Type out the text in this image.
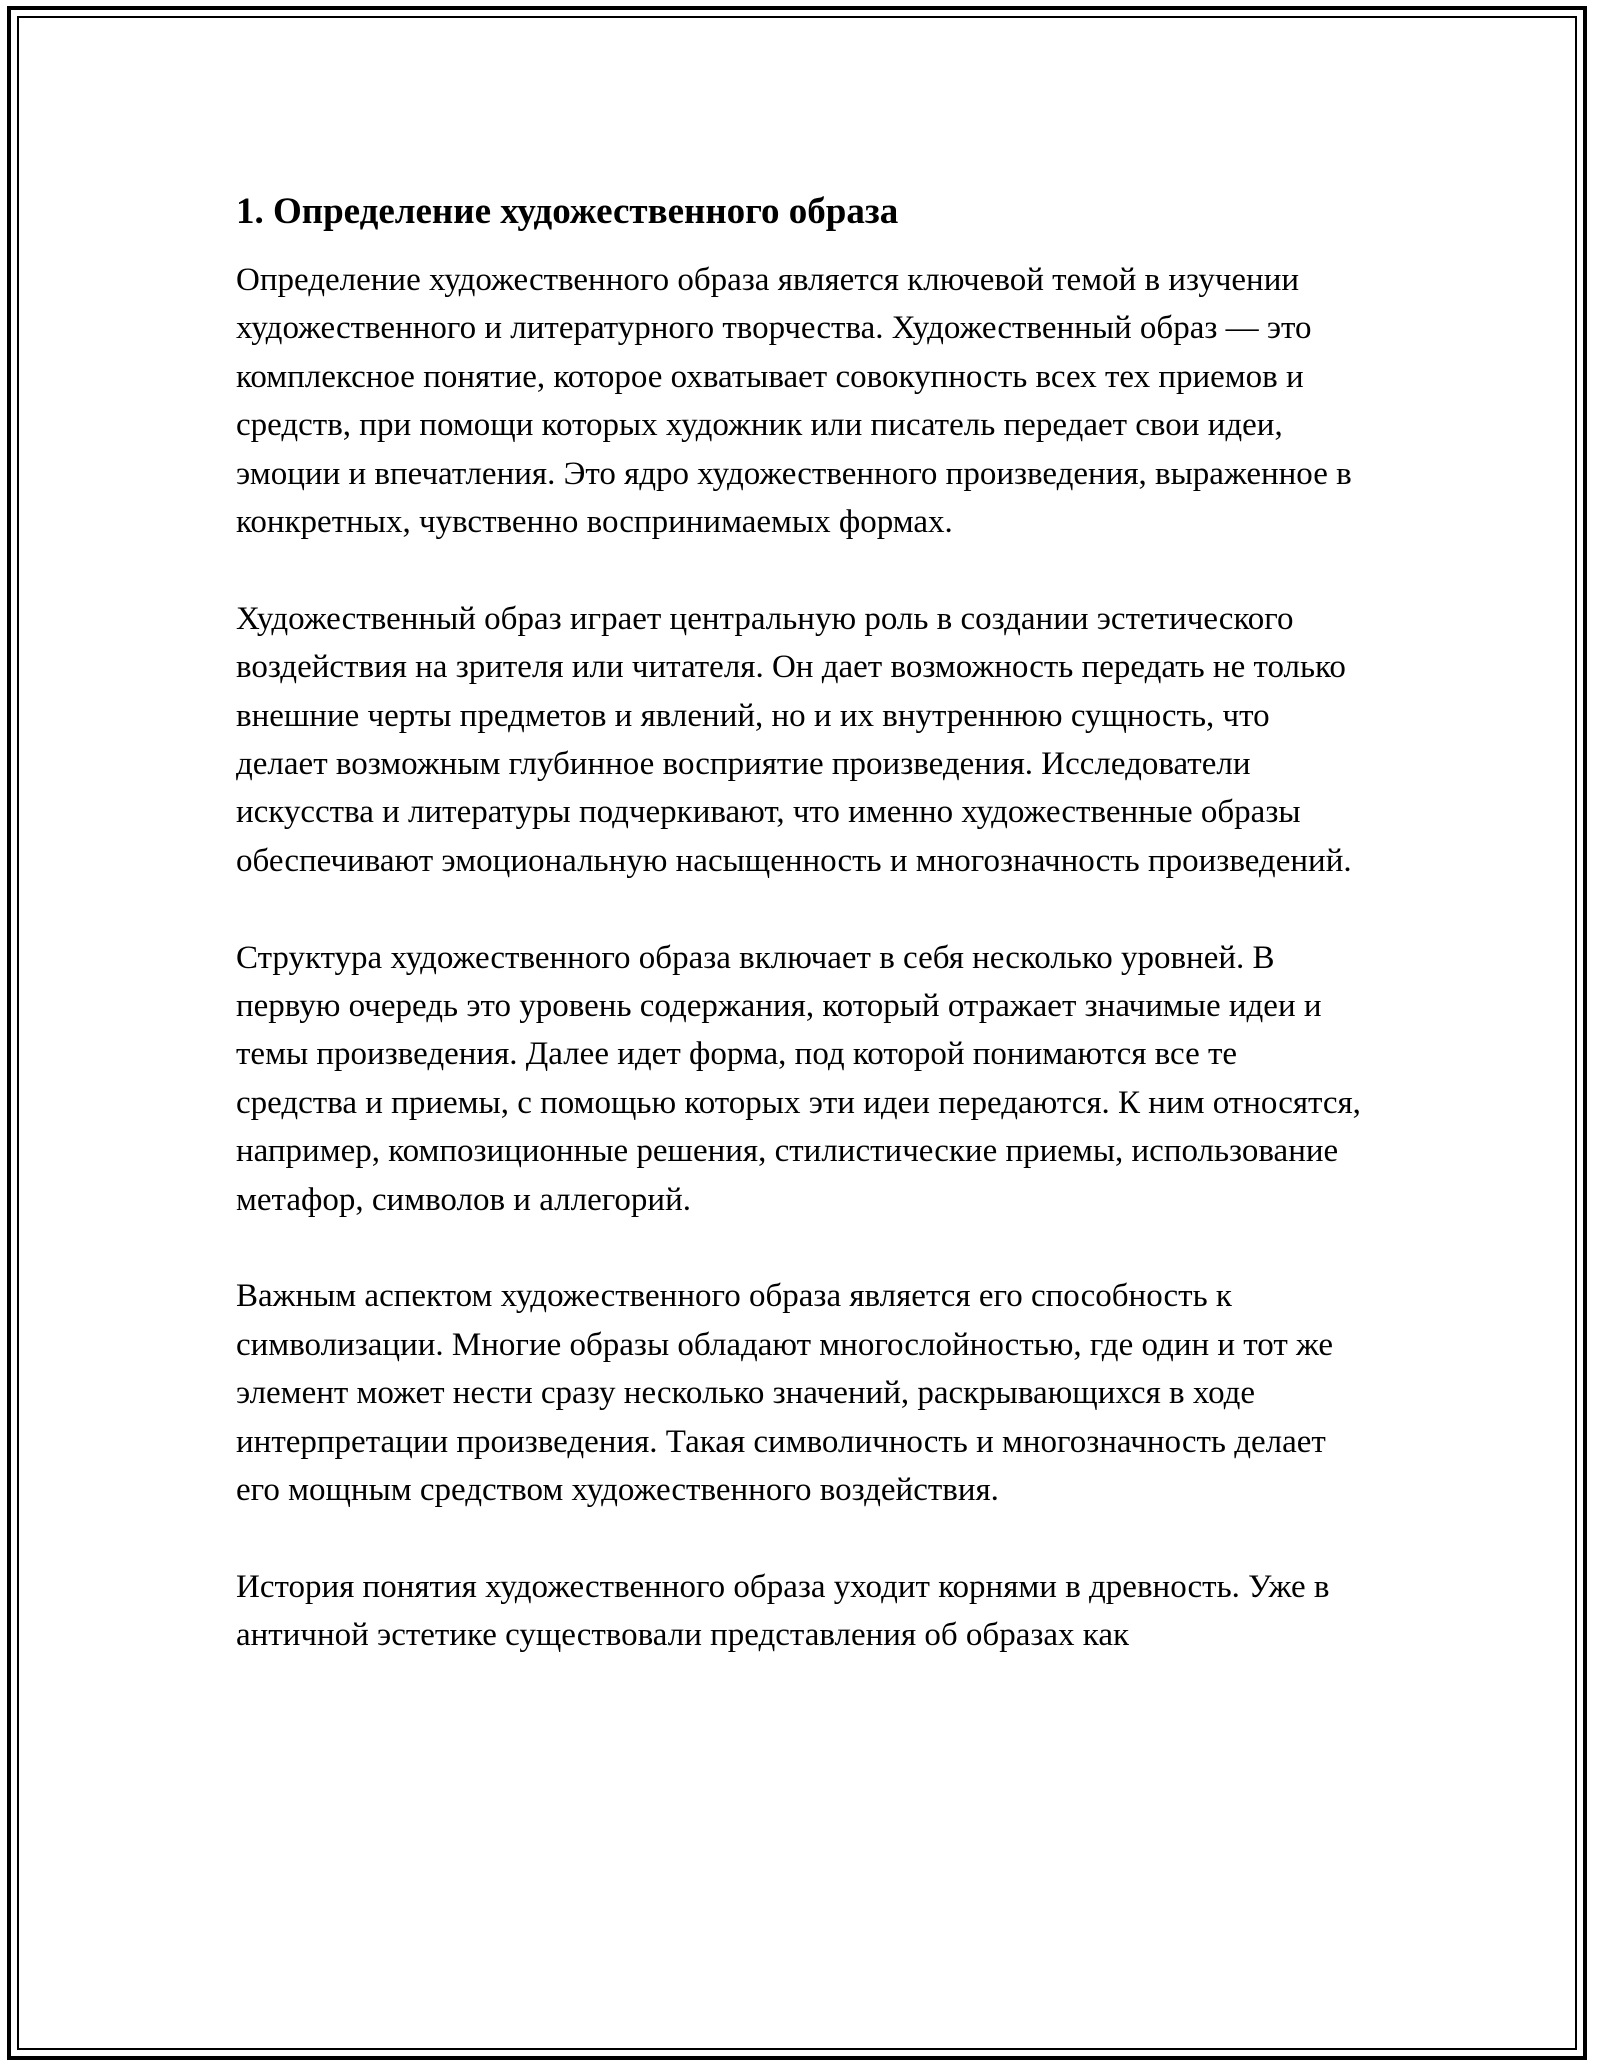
1. Определение художественного образа

Определение художественного образа является ключевой темой в изучении художественного и литературного творчества. Художественный образ — это комплексное понятие, которое охватывает совокупность всех тех приемов и средств, при помощи которых художник или писатель передает свои идеи, эмоции и впечатления. Это ядро художественного произведения, выраженное в конкретных, чувственно воспринимаемых формах.

Художественный образ играет центральную роль в создании эстетического воздействия на зрителя или читателя. Он дает возможность передать не только внешние черты предметов и явлений, но и их внутреннюю сущность, что делает возможным глубинное восприятие произведения. Исследователи искусства и литературы подчеркивают, что именно художественные образы обеспечивают эмоциональную насыщенность и многозначность произведений.

Структура художественного образа включает в себя несколько уровней. В первую очередь это уровень содержания, который отражает значимые идеи и темы произведения. Далее идет форма, под которой понимаются все те средства и приемы, с помощью которых эти идеи передаются. К ним относятся, например, композиционные решения, стилистические приемы, использование метафор, символов и аллегорий.

Важным аспектом художественного образа является его способность к символизации. Многие образы обладают многослойностью, где один и тот же элемент может нести сразу несколько значений, раскрывающихся в ходе интерпретации произведения. Такая символичность и многозначность делает его мощным средством художественного воздействия.

История понятия художественного образа уходит корнями в древность. Уже в античной эстетике существовали представления об образах как
